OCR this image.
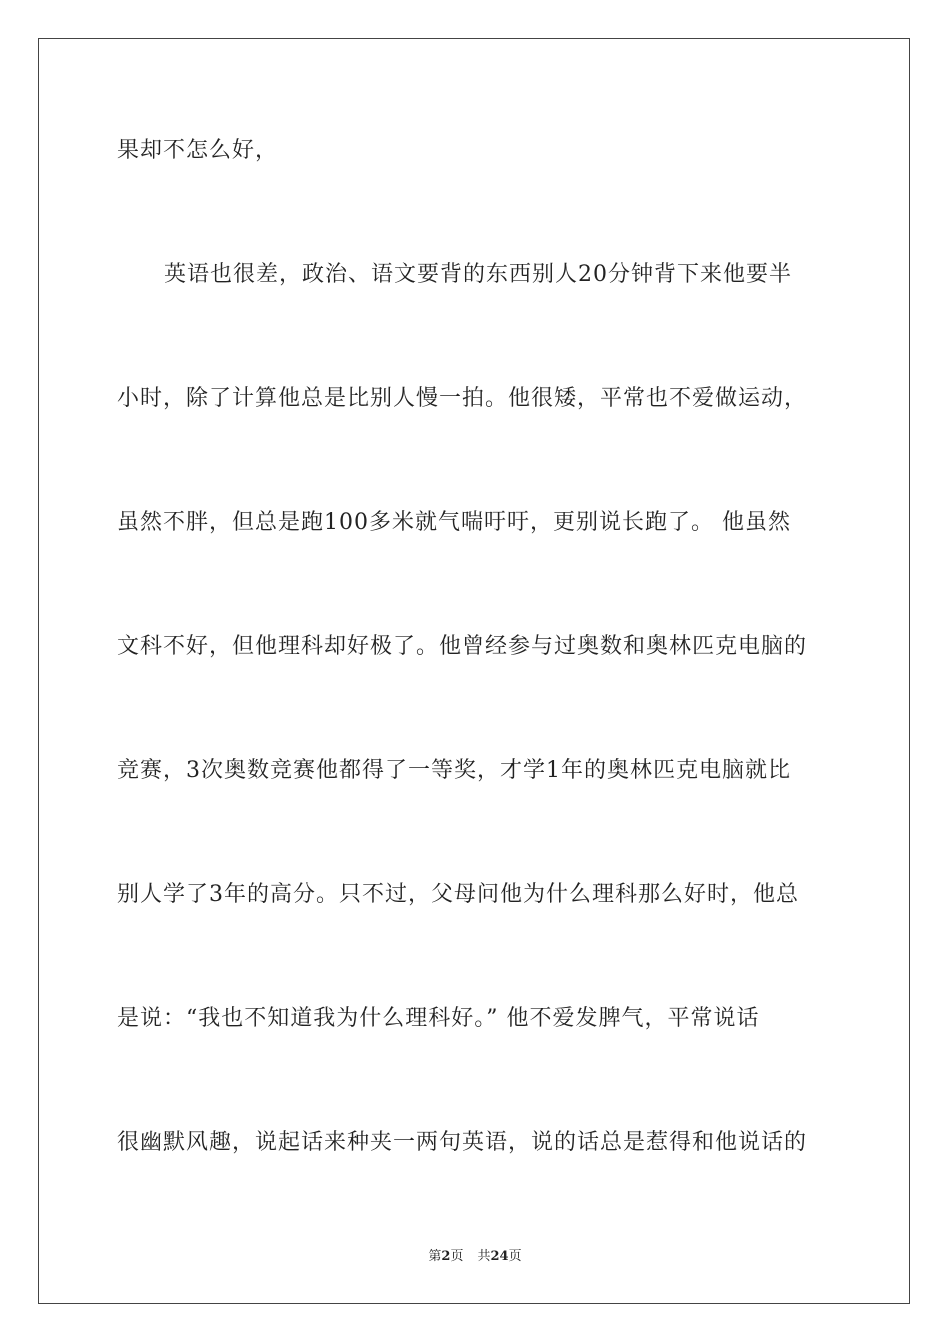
果却不怎么好，
英语也很差，政治、语文要背的东西别人20分钟背下来他要半
小时，除了计算他总是比别人慢一拍。他很矮，平常也不爱做运动，
虽然不胖，但总是跑100多米就气喘吁吁，更别说长跑了。 他虽然
文科不好，但他理科却好极了。他曾经参与过奥数和奥林匹克电脑的
竞赛，3次奥数竞赛他都得了一等奖，才学1年的奥林匹克电脑就比
别人学了3年的高分。只不过，父母问他为什么理科那么好时，他总
是说：“我也不知道我为什么理科好。” 他不爱发脾气，平常说话
很幽默风趣，说起话来种夹一两句英语，说的话总是惹得和他说话的
第2页 共24页
